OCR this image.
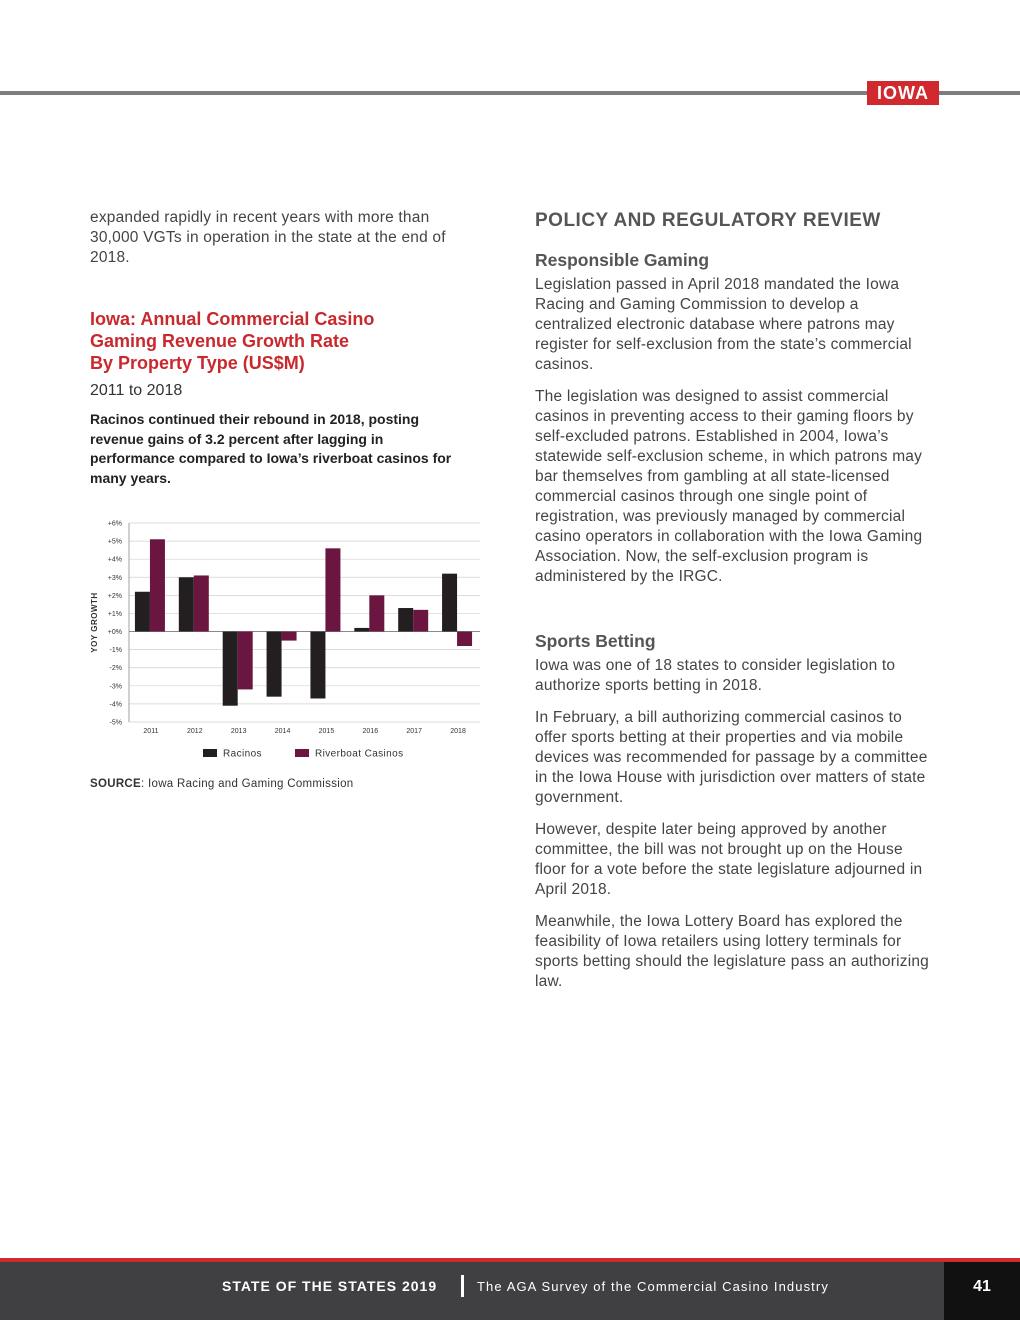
IOWA

expanded rapidly in recent years with more than 30,000 VGTs in operation in the state at the end of 2018.

Iowa: Annual Commercial Casino
Gaming Revenue Growth Rate
By Property Type (US$M)

2011 to 2018

Racinos continued their rebound in 2018, posting revenue gains of 3.2 percent after lagging in performance compared to Iowa’s riverboat casinos for many years.

+6%
+5%
+4%
+3%
+2%
+1%
+0%
-1%
-2%
-3%
-4%
-5%
YOY GROWTH
2011	2012	2013	2014	2015	2016	2017	2018
Racinos	Riverboat Casinos
SOURCE: Iowa Racing and Gaming Commission
POLICY AND REGULATORY REVIEW
Responsible Gaming

Legislation passed in April 2018 mandated the Iowa Racing and Gaming Commission to develop a centralized electronic database where patrons may register for self-exclusion from the state’s commercial casinos.

The legislation was designed to assist commercial casinos in preventing access to their gaming floors by self-excluded patrons. Established in 2004, Iowa’s statewide self-exclusion scheme, in which patrons may bar themselves from gambling at all state-licensed commercial casinos through one single point of registration, was previously managed by commercial casino operators in collaboration with the Iowa Gaming Association. Now, the self-exclusion program is administered by the IRGC.

Sports Betting

Iowa was one of 18 states to consider legislation to authorize sports betting in 2018.

In February, a bill authorizing commercial casinos to offer sports betting at their properties and via mobile devices was recommended for passage by a committee in the Iowa House with jurisdiction over matters of state government.

However, despite later being approved by another committee, the bill was not brought up on the House floor for a vote before the state legislature adjourned in April 2018.

Meanwhile, the Iowa Lottery Board has explored the feasibility of Iowa retailers using lottery terminals for sports betting should the legislature pass an authorizing law.

STATE OF THE STATES 2019	The AGA Survey of the Commercial Casino Industry	41
